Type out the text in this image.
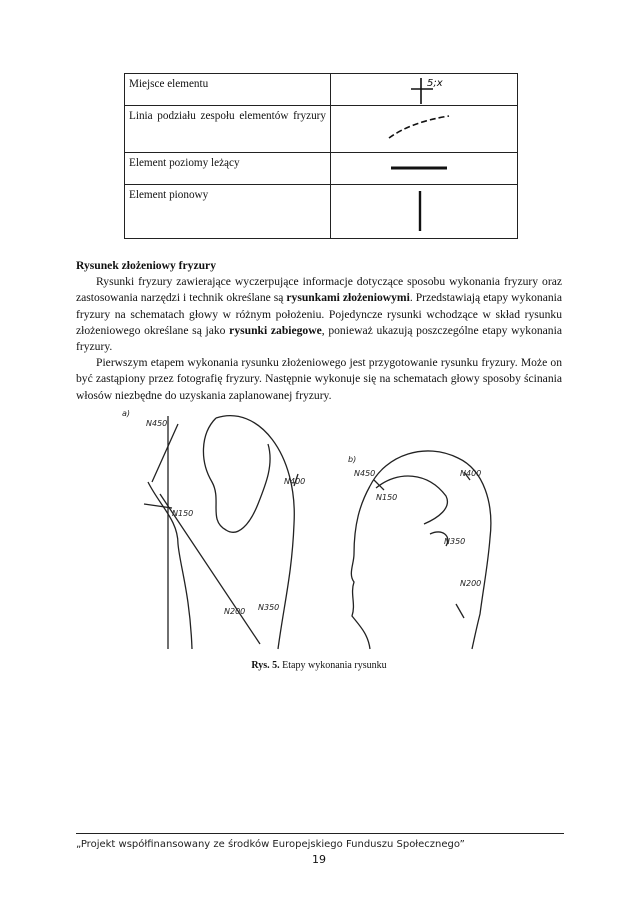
Miejsce elementu	5;x

Linia podziału zespołu elementów fryzury

Element poziomy leżący	

Element pionowy	
Rysunek złożeniowy fryzury

Rysunki fryzury zawierające wyczerpujące informacje dotyczące sposobu wykonania fryzury oraz zastosowania narzędzi i technik określane są rysunkami złożeniowymi. Przedstawiają etapy wykonania fryzury na schematach głowy w różnym położeniu. Pojedyncze rysunki wchodzące w skład rysunku złożeniowego określane są jako rysunki zabiegowe, ponieważ ukazują poszczególne etapy wykonania fryzury.

Pierwszym etapem wykonania rysunku złożeniowego jest przygotowanie rysunku fryzury. Może on być zastąpiony przez fotografię fryzury. Następnie wykonuje się na schematach głowy sposoby ścinania włosów niezbędne do uzyskania zaplanowanej fryzury.

a)
N450
N400
N150
N200 N350
b)
N450	N400
N150
N350
N200
Rys. 5. Etapy wykonania rysunku
„Projekt współfinansowany ze środków Europejskiego Funduszu Społecznego”
19
